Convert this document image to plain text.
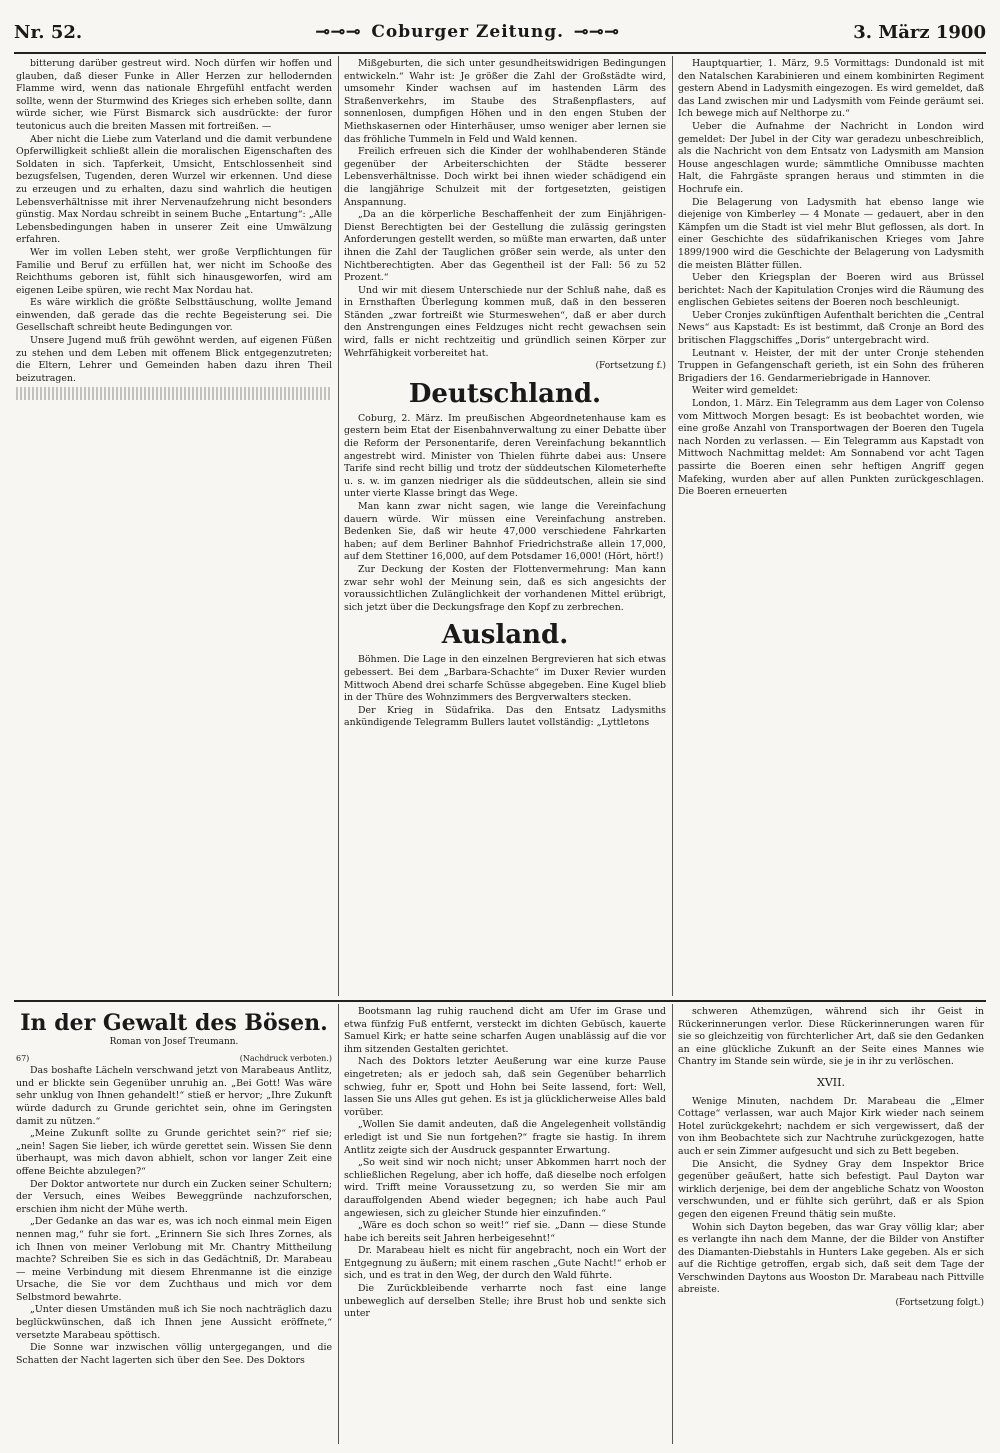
Nr. 52.	⊸⊸⊸ Coburger Zeitung. ⊸⊸⊸	3. März 1900

bitterung darüber gestreut wird. Noch dürfen wir hoffen und glauben, daß dieser Funke in Aller Herzen zur hellodernden Flamme wird, wenn das nationale Ehrgefühl entfacht werden sollte, wenn der Sturmwind des Krieges sich erheben sollte, dann würde sicher, wie Fürst Bismarck sich ausdrückte: der furor teutonicus auch die breiten Massen mit fortreißen. —

Aber nicht die Liebe zum Vaterland und die damit verbundene Opferwilligkeit schließt allein die moralischen Eigenschaften des Soldaten in sich. Tapferkeit, Umsicht, Entschlossenheit sind bezugsfelsen, Tugenden, deren Wurzel wir erkennen. Und diese zu erzeugen und zu erhalten, dazu sind wahrlich die heutigen Lebensverhältnisse mit ihrer Nervenaufzehrung nicht besonders günstig. Max Nordau schreibt in seinem Buche „Entartung“: „Alle Lebensbedingungen haben in unserer Zeit eine Umwälzung erfahren.

Wer im vollen Leben steht, wer große Verpflichtungen für Familie und Beruf zu erfüllen hat, wer nicht im Schooße des Reichthums geboren ist, fühlt sich hinausgeworfen, wird am eigenen Leibe spüren, wie recht Max Nordau hat.

Es wäre wirklich die größte Selbsttäuschung, wollte Jemand einwenden, daß gerade das die rechte Begeisterung sei. Die Gesellschaft schreibt heute Bedingungen vor.

Unsere Jugend muß früh gewöhnt werden, auf eigenen Füßen zu stehen und dem Leben mit offenem Blick entgegenzutreten; die Eltern, Lehrer und Gemeinden haben dazu ihren Theil beizutragen.

Mißgeburten, die sich unter gesundheitswidrigen Bedingungen entwickeln.“ Wahr ist: Je größer die Zahl der Großstädte wird, umsomehr Kinder wachsen auf im hastenden Lärm des Straßenverkehrs, im Staube des Straßenpflasters, auf sonnenlosen, dumpfigen Höhen und in den engen Stuben der Miethskasernen oder Hinterhäuser, umso weniger aber lernen sie das fröhliche Tummeln in Feld und Wald kennen.

Freilich erfreuen sich die Kinder der wohlhabenderen Stände gegenüber der Arbeiterschichten der Städte besserer Lebensverhältnisse. Doch wirkt bei ihnen wieder schädigend ein die langjährige Schulzeit mit der fortgesetzten, geistigen Anspannung.

„Da an die körperliche Beschaffenheit der zum Einjährigen-Dienst Berechtigten bei der Gestellung die zulässig geringsten Anforderungen gestellt werden, so müßte man erwarten, daß unter ihnen die Zahl der Tauglichen größer sein werde, als unter den Nichtberechtigten. Aber das Gegentheil ist der Fall: 56 zu 52 Prozent.“

Und wir mit diesem Unterschiede nur der Schluß nahe, daß es in Ernsthaften Überlegung kommen muß, daß in den besseren Ständen „zwar fortreißt wie Sturmeswehen“, daß er aber durch den Anstrengungen eines Feldzuges nicht recht gewachsen sein wird, falls er nicht rechtzeitig und gründlich seinen Körper zur Wehrfähigkeit vorbereitet hat.

(Fortsetzung f.)

Deutschland.

Coburg, 2. März. Im preußischen Abgeordnetenhause kam es gestern beim Etat der Eisenbahnverwaltung zu einer Debatte über die Reform der Personentarife, deren Vereinfachung bekanntlich angestrebt wird. Minister von Thielen führte dabei aus: Unsere Tarife sind recht billig und trotz der süddeutschen Kilometerhefte u. s. w. im ganzen niedriger als die süddeutschen, allein sie sind unter vierte Klasse bringt das Wege.

Man kann zwar nicht sagen, wie lange die Vereinfachung dauern würde. Wir müssen eine Vereinfachung anstreben. Bedenken Sie, daß wir heute 47,000 verschiedene Fahrkarten haben; auf dem Berliner Bahnhof Friedrichstraße allein 17,000, auf dem Stettiner 16,000, auf dem Potsdamer 16,000! (Hört, hört!)

Zur Deckung der Kosten der Flottenvermehrung: Man kann zwar sehr wohl der Meinung sein, daß es sich angesichts der voraussichtlichen Zulänglichkeit der vorhandenen Mittel erübrigt, sich jetzt über die Deckungsfrage den Kopf zu zerbrechen.

Ausland.

Böhmen. Die Lage in den einzelnen Bergrevieren hat sich etwas gebessert. Bei dem „Barbara-Schachte“ im Duxer Revier wurden Mittwoch Abend drei scharfe Schüsse abgegeben. Eine Kugel blieb in der Thüre des Wohnzimmers des Bergverwalters stecken.

Der Krieg in Südafrika. Das den Entsatz Ladysmiths ankündigende Telegramm Bullers lautet vollständig: „Lyttletons

Hauptquartier, 1. März, 9.5 Vormittags: Dundonald ist mit den Natalschen Karabinieren und einem kombinirten Regiment gestern Abend in Ladysmith eingezogen. Es wird gemeldet, daß das Land zwischen mir und Ladysmith vom Feinde geräumt sei. Ich bewege mich auf Nelthorpe zu.“

Ueber die Aufnahme der Nachricht in London wird gemeldet: Der Jubel in der City war geradezu unbeschreiblich, als die Nachricht von dem Entsatz von Ladysmith am Mansion House angeschlagen wurde; sämmtliche Omnibusse machten Halt, die Fahrgäste sprangen heraus und stimmten in die Hochrufe ein.

Die Belagerung von Ladysmith hat ebenso lange wie diejenige von Kimberley — 4 Monate — gedauert, aber in den Kämpfen um die Stadt ist viel mehr Blut geflossen, als dort. In einer Geschichte des südafrikanischen Krieges vom Jahre 1899/1900 wird die Geschichte der Belagerung von Ladysmith die meisten Blätter füllen.

Ueber den Kriegsplan der Boeren wird aus Brüssel berichtet: Nach der Kapitulation Cronjes wird die Räumung des englischen Gebietes seitens der Boeren noch beschleunigt.

Ueber Cronjes zukünftigen Aufenthalt berichten die „Central News“ aus Kapstadt: Es ist bestimmt, daß Cronje an Bord des britischen Flaggschiffes „Doris“ untergebracht wird.

Leutnant v. Heister, der mit der unter Cronje stehenden Truppen in Gefangenschaft gerieth, ist ein Sohn des früheren Brigadiers der 16. Gendarmeriebrigade in Hannover.

Weiter wird gemeldet:

London, 1. März. Ein Telegramm aus dem Lager von Colenso vom Mittwoch Morgen besagt: Es ist beobachtet worden, wie eine große Anzahl von Transportwagen der Boeren den Tugela nach Norden zu verlassen. — Ein Telegramm aus Kapstadt von Mittwoch Nachmittag meldet: Am Sonnabend vor acht Tagen passirte die Boeren einen sehr heftigen Angriff gegen Mafeking, wurden aber auf allen Punkten zurückgeschlagen. Die Boeren erneuerten

In der Gewalt des Bösen.
Roman von Josef Treumann.
67)	(Nachdruck verboten.)

Das boshafte Lächeln verschwand jetzt von Marabeaus Antlitz, und er blickte sein Gegenüber unruhig an. „Bei Gott! Was wäre sehr unklug von Ihnen gehandelt!“ stieß er hervor; „Ihre Zukunft würde dadurch zu Grunde gerichtet sein, ohne im Geringsten damit zu nützen.“

„Meine Zukunft sollte zu Grunde gerichtet sein?“ rief sie; „nein! Sagen Sie lieber, ich würde gerettet sein. Wissen Sie denn überhaupt, was mich davon abhielt, schon vor langer Zeit eine offene Beichte abzulegen?“

Der Doktor antwortete nur durch ein Zucken seiner Schultern; der Versuch, eines Weibes Beweggründe nachzuforschen, erschien ihm nicht der Mühe werth.

„Der Gedanke an das war es, was ich noch einmal mein Eigen nennen mag,“ fuhr sie fort. „Erinnern Sie sich Ihres Zornes, als ich Ihnen von meiner Verlobung mit Mr. Chantry Mittheilung machte? Schreiben Sie es sich in das Gedächtniß, Dr. Marabeau — meine Verbindung mit diesem Ehrenmanne ist die einzige Ursache, die Sie vor dem Zuchthaus und mich vor dem Selbstmord bewahrte.

„Unter diesen Umständen muß ich Sie noch nachträglich dazu beglückwünschen, daß ich Ihnen jene Aussicht eröffnete,“ versetzte Marabeau spöttisch.

Die Sonne war inzwischen völlig untergegangen, und die Schatten der Nacht lagerten sich über den See. Des Doktors

Bootsmann lag ruhig rauchend dicht am Ufer im Grase und etwa fünfzig Fuß entfernt, versteckt im dichten Gebüsch, kauerte Samuel Kirk; er hatte seine scharfen Augen unablässig auf die vor ihm sitzenden Gestalten gerichtet.

Nach des Doktors letzter Aeußerung war eine kurze Pause eingetreten; als er jedoch sah, daß sein Gegenüber beharrlich schwieg, fuhr er, Spott und Hohn bei Seite lassend, fort: Well, lassen Sie uns Alles gut gehen. Es ist ja glücklicherweise Alles bald vorüber.

„Wollen Sie damit andeuten, daß die Angelegenheit vollständig erledigt ist und Sie nun fortgehen?“ fragte sie hastig. In ihrem Antlitz zeigte sich der Ausdruck gespannter Erwartung.

„So weit sind wir noch nicht; unser Abkommen harrt noch der schließlichen Regelung, aber ich hoffe, daß dieselbe noch erfolgen wird. Trifft meine Voraussetzung zu, so werden Sie mir am darauffolgenden Abend wieder begegnen; ich habe auch Paul angewiesen, sich zu gleicher Stunde hier einzufinden.“

„Wäre es doch schon so weit!“ rief sie. „Dann — diese Stunde habe ich bereits seit Jahren herbeigesehnt!“

Dr. Marabeau hielt es nicht für angebracht, noch ein Wort der Entgegnung zu äußern; mit einem raschen „Gute Nacht!“ erhob er sich, und es trat in den Weg, der durch den Wald führte.

Die Zurückbleibende verharrte noch fast eine lange unbeweglich auf derselben Stelle; ihre Brust hob und senkte sich unter

schweren Athemzügen, während sich ihr Geist in Rückerinnerungen verlor. Diese Rückerinnerungen waren für sie so gleichzeitig von fürchterlicher Art, daß sie den Gedanken an eine glückliche Zukunft an der Seite eines Mannes wie Chantry im Stande sein würde, sie je in ihr zu verlöschen.

XVII.

Wenige Minuten, nachdem Dr. Marabeau die „Elmer Cottage“ verlassen, war auch Major Kirk wieder nach seinem Hotel zurückgekehrt; nachdem er sich vergewissert, daß der von ihm Beobachtete sich zur Nachtruhe zurückgezogen, hatte auch er sein Zimmer aufgesucht und sich zu Bett begeben.

Die Ansicht, die Sydney Gray dem Inspektor Brice gegenüber geäußert, hatte sich befestigt. Paul Dayton war wirklich derjenige, bei dem der angebliche Schatz von Wooston verschwunden, und er fühlte sich gerührt, daß er als Spion gegen den eigenen Freund thätig sein mußte.

Wohin sich Dayton begeben, das war Gray völlig klar; aber es verlangte ihn nach dem Manne, der die Bilder von Anstifter des Diamanten-Diebstahls in Hunters Lake gegeben. Als er sich auf die Richtige getroffen, ergab sich, daß seit dem Tage der Verschwinden Daytons aus Wooston Dr. Marabeau nach Pittville abreiste.

(Fortsetzung folgt.)
